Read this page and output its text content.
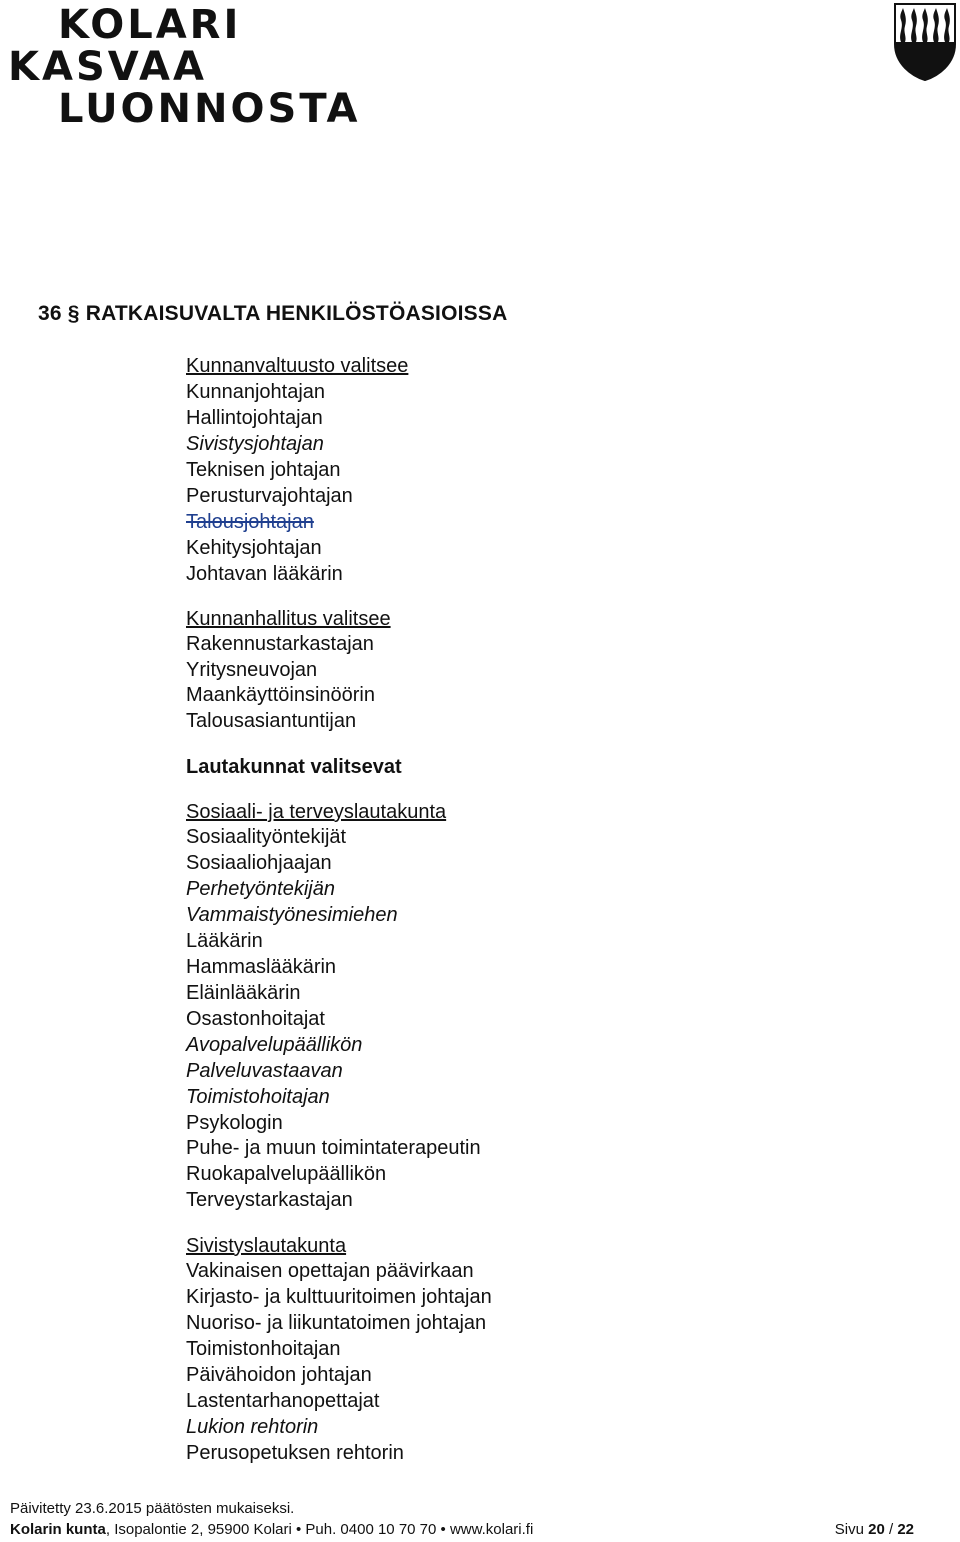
KOLARI
KASVAA
LUONNOSTA
36 § RATKAISUVALTA HENKILÖSTÖASIOISSA
Kunnanvaltuusto valitsee
Kunnanjohtajan
Hallintojohtajan
Sivistysjohtajan
Teknisen johtajan
Perusturvajohtajan
Talousjohtajan
Kehitysjohtajan
Johtavan lääkärin
Kunnanhallitus valitsee
Rakennustarkastajan
Yritysneuvojan
Maankäyttöinsinöörin
Talousasiantuntijan
Lautakunnat valitsevat
Sosiaali- ja terveyslautakunta
Sosiaalityöntekijät
Sosiaaliohjaajan
Perhetyöntekijän
Vammaistyönesimiehen
Lääkärin
Hammaslääkärin
Eläinlääkärin
Osastonhoitajat
Avopalvelupäällikön
Palveluvastaavan
Toimistohoitajan
Psykologin
Puhe- ja muun toimintaterapeutin
Ruokapalvelupäällikön
Terveystarkastajan
Sivistyslautakunta
Vakinaisen opettajan päävirkaan
Kirjasto- ja kulttuuritoimen johtajan
Nuoriso- ja liikuntatoimen johtajan
Toimistonhoitajan
Päivähoidon johtajan
Lastentarhanopettajat
Lukion rehtorin
Perusopetuksen rehtorin
Päivitetty 23.6.2015 päätösten mukaiseksi.
Kolarin kunta, Isopalontie 2, 95900 Kolari • Puh. 0400 10 70 70 • www.kolari.fi	Sivu 20 / 22
